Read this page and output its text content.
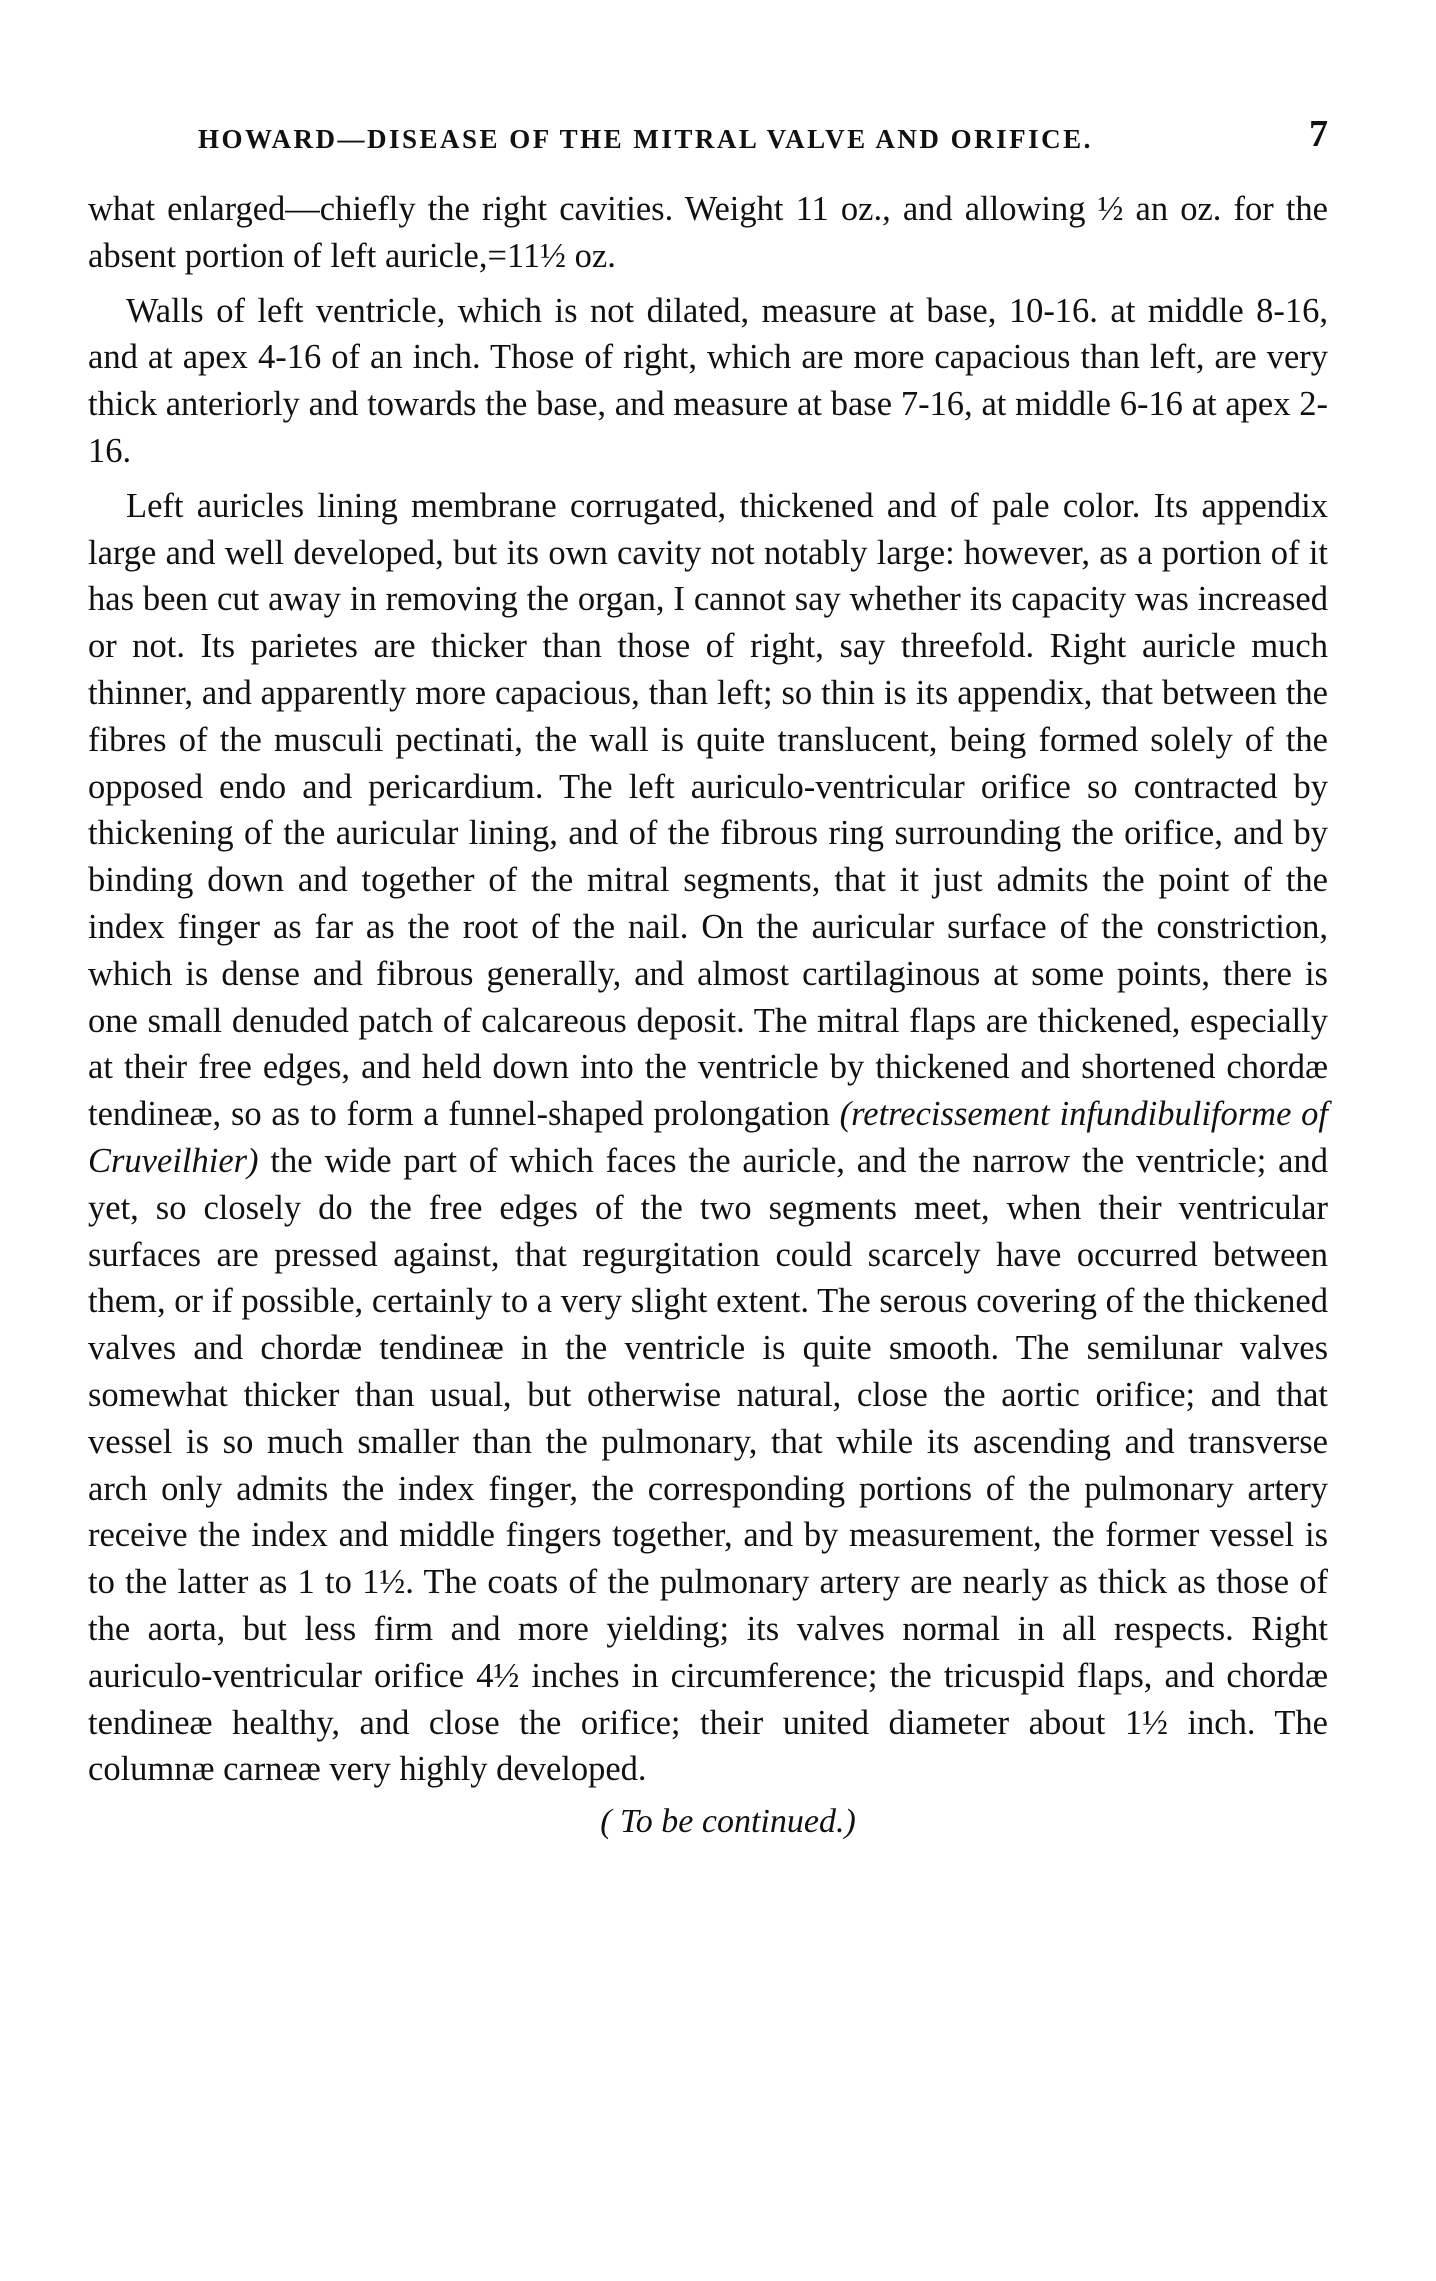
HOWARD—DISEASE OF THE MITRAL VALVE AND ORIFICE.	7

what enlarged—chiefly the right cavities. Weight 11 oz., and allowing ½ an oz. for the absent portion of left auricle,=11½ oz.

Walls of left ventricle, which is not dilated, measure at base, 10-16. at middle 8-16, and at apex 4-16 of an inch. Those of right, which are more capacious than left, are very thick anteriorly and towards the base, and measure at base 7-16, at middle 6-16 at apex 2-16.

Left auricles lining membrane corrugated, thickened and of pale color. Its appendix large and well developed, but its own cavity not notably large: however, as a portion of it has been cut away in removing the organ, I cannot say whether its capacity was increased or not. Its parietes are thicker than those of right, say threefold. Right auricle much thinner, and apparently more capacious, than left; so thin is its appendix, that between the fibres of the musculi pectinati, the wall is quite translucent, being formed solely of the opposed endo and pericardium. The left auriculo-ventricular orifice so contracted by thickening of the auricular lining, and of the fibrous ring surrounding the orifice, and by binding down and together of the mitral segments, that it just admits the point of the index finger as far as the root of the nail. On the auricular surface of the constriction, which is dense and fibrous generally, and almost cartilaginous at some points, there is one small denuded patch of calcareous deposit. The mitral flaps are thickened, especially at their free edges, and held down into the ventricle by thickened and shortened chordæ tendineæ, so as to form a funnel-shaped prolongation (retrecissement infundibuliforme of Cruveilhier) the wide part of which faces the auricle, and the narrow the ventricle; and yet, so closely do the free edges of the two segments meet, when their ventricular surfaces are pressed against, that regurgitation could scarcely have occurred between them, or if possible, certainly to a very slight extent. The serous covering of the thickened valves and chordæ tendineæ in the ventricle is quite smooth. The semilunar valves somewhat thicker than usual, but otherwise natural, close the aortic orifice; and that vessel is so much smaller than the pulmonary, that while its ascending and transverse arch only admits the index finger, the corresponding portions of the pulmonary artery receive the index and middle fingers together, and by measurement, the former vessel is to the latter as 1 to 1½. The coats of the pulmonary artery are nearly as thick as those of the aorta, but less firm and more yielding; its valves normal in all respects. Right auriculo-ventricular orifice 4½ inches in circumference; the tricuspid flaps, and chordæ tendineæ healthy, and close the orifice; their united diameter about 1½ inch. The columnæ carneæ very highly developed.

( To be continued.)
